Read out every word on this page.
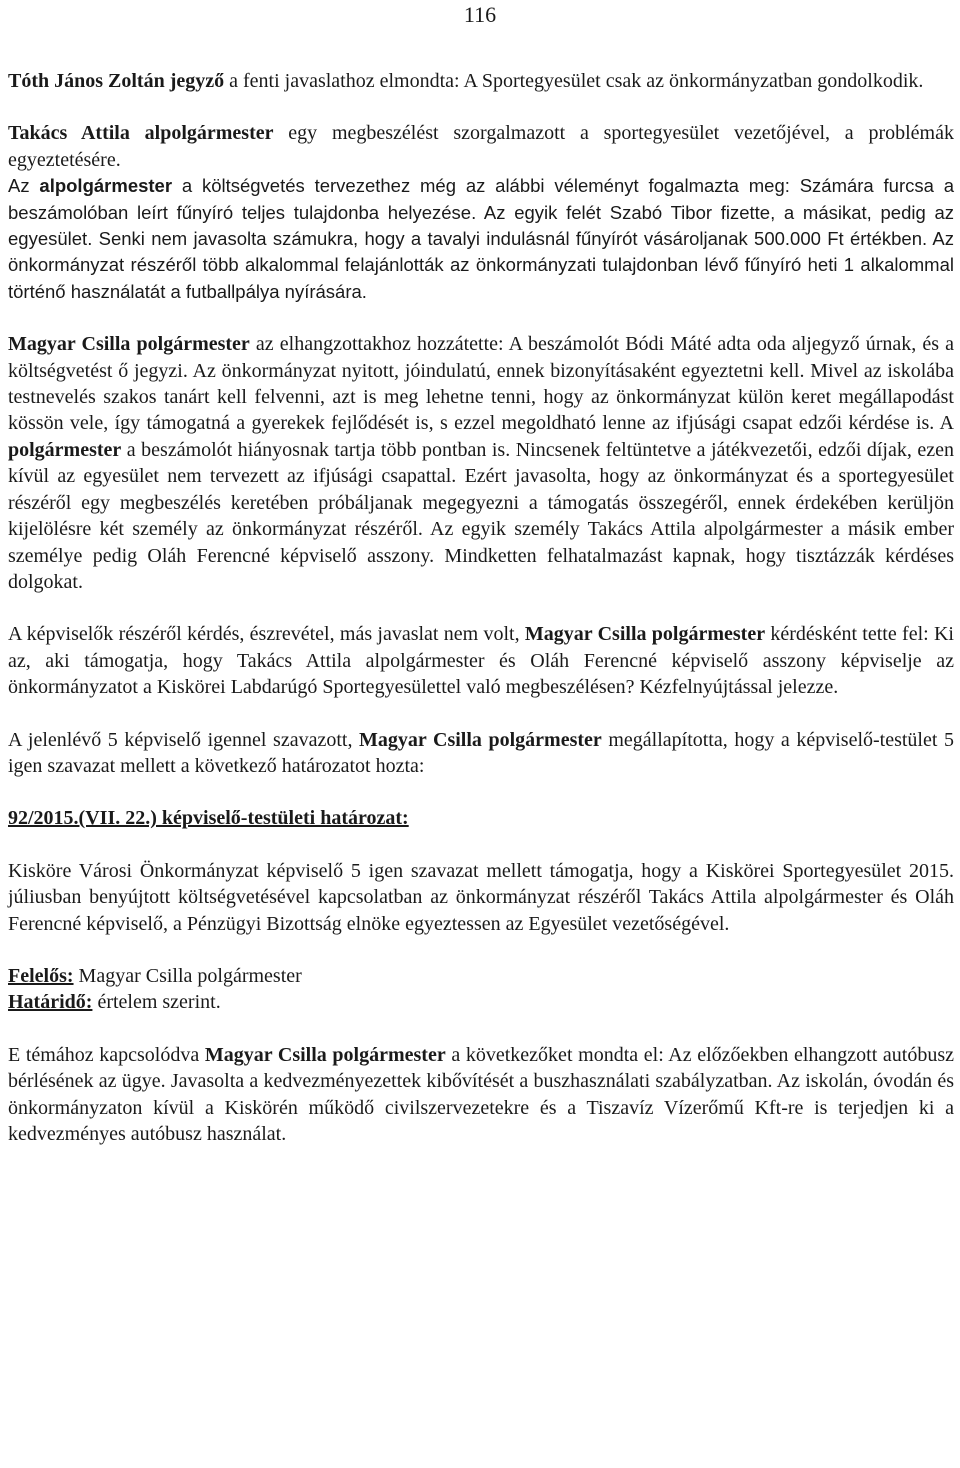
116

Tóth János Zoltán jegyző a fenti javaslathoz elmondta: A Sportegyesület csak az önkormányzatban gondolkodik.

Takács Attila alpolgármester egy megbeszélést szorgalmazott a sportegyesület vezetőjével, a problémák egyeztetésére.

Az alpolgármester a költségvetés tervezethez még az alábbi véleményt fogalmazta meg: Számára furcsa a beszámolóban leírt fűnyíró teljes tulajdonba helyezése. Az egyik felét Szabó Tibor fizette, a másikat, pedig az egyesület. Senki nem javasolta számukra, hogy a tavalyi indulásnál fűnyírót vásároljanak 500.000 Ft értékben. Az önkormányzat részéről több alkalommal felajánlották az önkormányzati tulajdonban lévő fűnyíró heti 1 alkalommal történő használatát a futballpálya nyírására.

Magyar Csilla polgármester az elhangzottakhoz hozzátette: A beszámolót Bódi Máté adta oda aljegyző úrnak, és a költségvetést ő jegyzi. Az önkormányzat nyitott, jóindulatú, ennek bizonyításaként egyeztetni kell. Mivel az iskolába testnevelés szakos tanárt kell felvenni, azt is meg lehetne tenni, hogy az önkormányzat külön keret megállapodást kössön vele, így támogatná a gyerekek fejlődését is, s ezzel megoldható lenne az ifjúsági csapat edzői kérdése is. A polgármester a beszámolót hiányosnak tartja több pontban is. Nincsenek feltüntetve a játékvezetői, edzői díjak, ezen kívül az egyesület nem tervezett az ifjúsági csapattal. Ezért javasolta, hogy az önkormányzat és a sportegyesület részéről egy megbeszélés keretében próbáljanak megegyezni a támogatás összegéről, ennek érdekében kerüljön kijelölésre két személy az önkormányzat részéről. Az egyik személy Takács Attila alpolgármester a másik ember személye pedig Oláh Ferencné képviselő asszony. Mindketten felhatalmazást kapnak, hogy tisztázzák kérdéses dolgokat.

A képviselők részéről kérdés, észrevétel, más javaslat nem volt, Magyar Csilla polgármester kérdésként tette fel: Ki az, aki támogatja, hogy Takács Attila alpolgármester és Oláh Ferencné képviselő asszony képviselje az önkormányzatot a Kiskörei Labdarúgó Sportegyesülettel való megbeszélésen? Kézfelnyújtással jelezze.

A jelenlévő 5 képviselő igennel szavazott, Magyar Csilla polgármester megállapította, hogy a képviselő-testület 5 igen szavazat mellett a következő határozatot hozta:

92/2015.(VII. 22.) képviselő-testületi határozat:

Kisköre Városi Önkormányzat képviselő 5 igen szavazat mellett támogatja, hogy a Kiskörei Sportegyesület 2015. júliusban benyújtott költségvetésével kapcsolatban az önkormányzat részéről Takács Attila alpolgármester és Oláh Ferencné képviselő, a Pénzügyi Bizottság elnöke egyeztessen az Egyesület vezetőségével.

Felelős: Magyar Csilla polgármester

Határidő: értelem szerint.

E témához kapcsolódva Magyar Csilla polgármester a következőket mondta el: Az előzőekben elhangzott autóbusz bérlésének az ügye. Javasolta a kedvezményezettek kibővítését a buszhasználati szabályzatban. Az iskolán, óvodán és önkormányzaton kívül a Kiskörén működő civilszervezetekre és a Tiszavíz Vízerőmű Kft-re is terjedjen ki a kedvezményes autóbusz használat.
